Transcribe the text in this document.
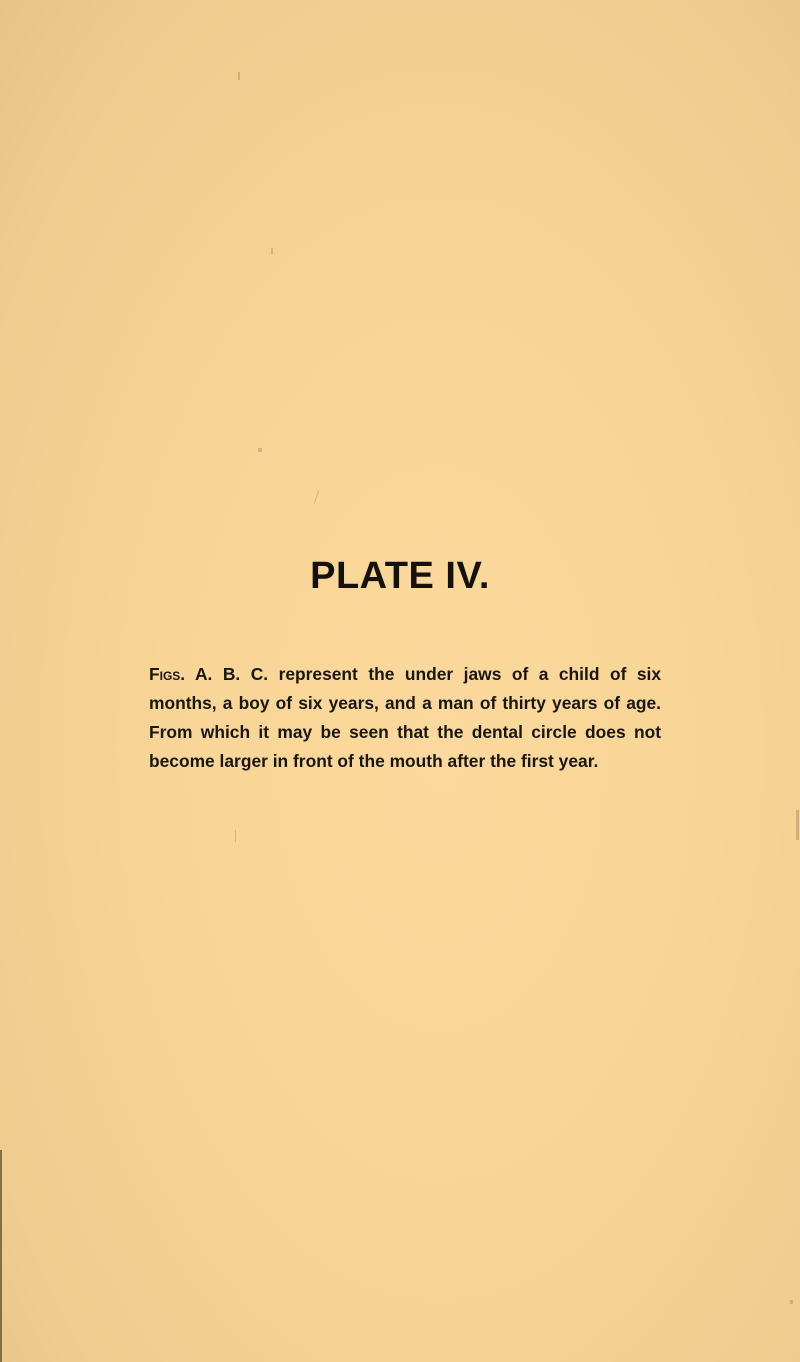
PLATE IV.

Figs. A. B. C. represent the under jaws of a child of six months, a boy of six years, and a man of thirty years of age. From which it may be seen that the dental circle does not become larger in front of the mouth after the first year.
